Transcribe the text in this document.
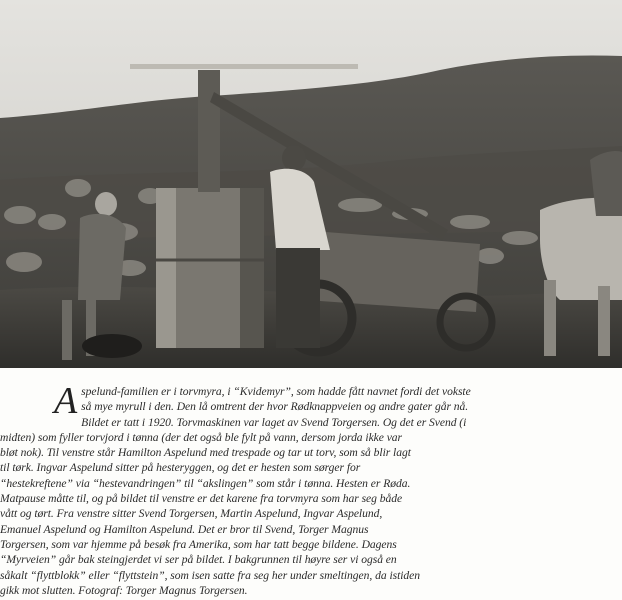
A spelund-familien er i torvmyra, i “Kvidemyr”, som hadde fått navnet fordi det vokste
så mye myrull i den. Den lå omtrent der hvor Rødknappveien og andre gater går nå.
Bildet er tatt i 1920. Torvmaskinen var laget av Svend Torgersen. Og det er Svend (i
midten) som fyller torvjord i tønna (der det også ble fylt på vann, dersom jorda ikke var
bløt nok). Til venstre står Hamilton Aspelund med trespade og tar ut torv, som så blir lagt
til tørk. Ingvar Aspelund sitter på hesteryggen, og det er hesten som sørger for
“hestekreftene” via “hestevandringen” til “akslingen” som står i tønna. Hesten er Røda.
Matpause måtte til, og på bildet til venstre er det karene fra torvmyra som har seg både
vått og tørt. Fra venstre sitter Svend Torgersen, Martin Aspelund, Ingvar Aspelund,
Emanuel Aspelund og Hamilton Aspelund. Det er bror til Svend, Torger Magnus
Torgersen, som var hjemme på besøk fra Amerika, som har tatt begge bildene. Dagens
“Myrveien” går bak steingjerdet vi ser på bildet. I bakgrunnen til høyre ser vi også en
såkalt “flyttblokk” eller “flyttstein”, som isen satte fra seg her under smeltingen, da istiden
gikk mot slutten. Fotograf: Torger Magnus Torgersen.
